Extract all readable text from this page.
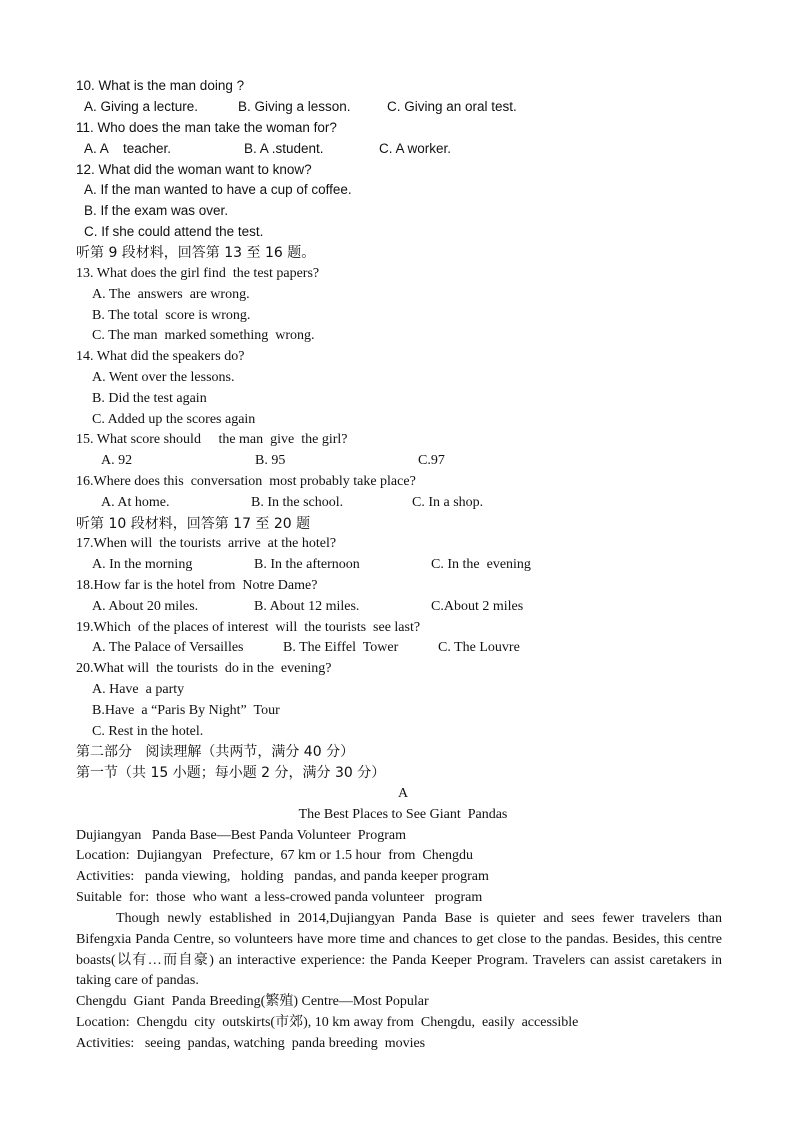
10. What is the man doing ?

A. Giving a lecture.

	B. Giving a lesson.

	C. Giving an oral test.

11. Who does the man take the woman for?

A. A    teacher.

	B. A .student.

	C. A worker.

12. What did the woman want to know?
A. If the man wanted to have a cup of coffee.
B. If the exam was over.
C. If she could attend the test.
听第 9 段材料，回答第 13 至 16 题。
13. What does the girl find  the test papers?
A. The  answers  are wrong.
B. The total  score is wrong.
C. The man  marked something  wrong.
14. What did the speakers do?
A. Went over the lessons.
B. Did the test again
C. Added up the scores again
15. What score should     the man  give  the girl?

A. 92

	B. 95

	C.97

16.Where does this  conversation  most probably take place?

A. At home.

	B. In the school.

	C. In a shop.

听第 10 段材料，回答第 17 至 20 题
17.When will  the tourists  arrive  at the hotel?

A. In the morning

	B. In the afternoon

	C. In the  evening

18.How far is the hotel from  Notre Dame?

A. About 20 miles.

	B. About 12 miles.

	C.About 2 miles

19.Which  of the places of interest  will  the tourists  see last?

A. The Palace of Versailles

	B. The Eiffel  Tower

	C. The Louvre

20.What will  the tourists  do in the  evening?
A. Have  a party
B.Have  a “Paris By Night”  Tour
C. Rest in the hotel.
第二部分   阅读理解（共两节，满分 40 分）
第一节（共 15 小题；每小题 2 分，满分 30 分）
A
The Best Places to See Giant  Pandas
Dujiangyan   Panda Base—Best Panda Volunteer  Program
Location:  Dujiangyan   Prefecture,  67 km or 1.5 hour  from  Chengdu
Activities:   panda viewing,   holding   pandas, and panda keeper program
Suitable  for:  those  who want  a less-crowed panda volunteer   program
Though newly established in 2014,Dujiangyan Panda Base is quieter and sees fewer travelers than Bifengxia Panda Centre, so volunteers have more time and chances to get close to the pandas. Besides, this centre boasts(以有…而自豪) an interactive experience: the Panda Keeper Program. Travelers can assist caretakers in taking care of pandas.
Chengdu  Giant  Panda Breeding(繁殖) Centre—Most Popular
Location:  Chengdu  city  outskirts(市郊), 10 km away from  Chengdu,  easily  accessible
Activities:   seeing  pandas, watching  panda breeding  movies
